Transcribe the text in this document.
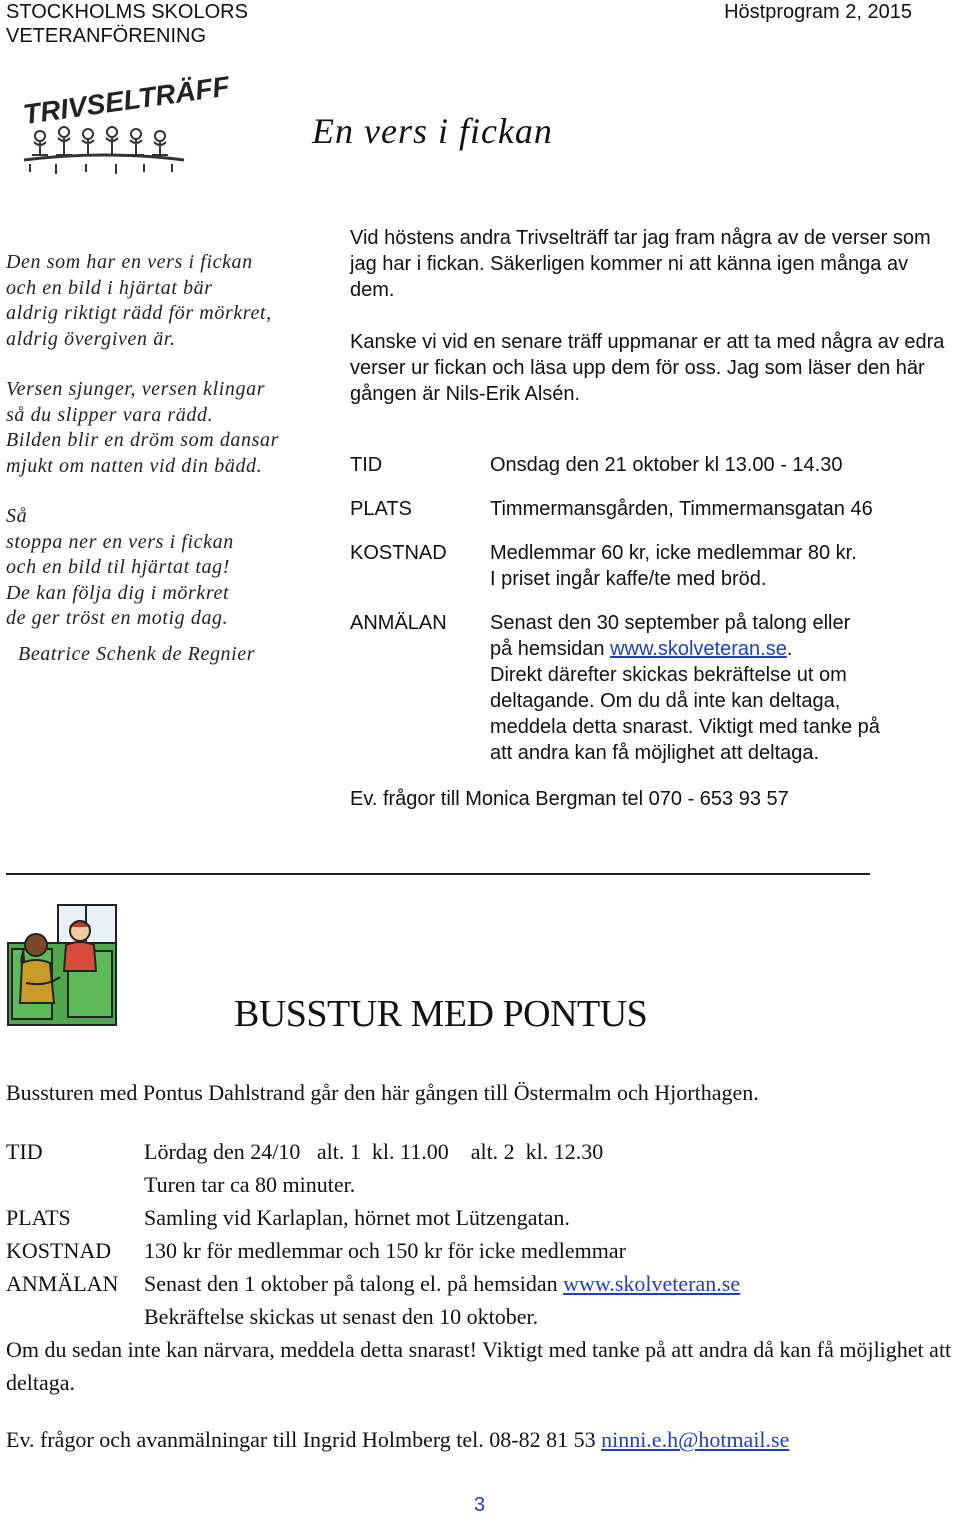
STOCKHOLMS SKOLORS
VETERANFÖRENING
Höstprogram 2, 2015
TRIVSELTRÄFF
En vers i fickan
Den som har en vers i fickan
och en bild i hjärtat bär
aldrig riktigt rädd för mörkret,
aldrig övergiven är.
Versen sjunger, versen klingar
så du slipper vara rädd.
Bilden blir en dröm som dansar
mjukt om natten vid din bädd.
Så
stoppa ner en vers i fickan
och en bild til hjärtat tag!
De kan följa dig i mörkret
de ger tröst en motig dag.
Beatrice Schenk de Regnier

Vid höstens andra Trivselträff tar jag fram några av de verser som jag har i fickan. Säkerligen kommer ni att känna igen många av dem.

Kanske vi vid en senare träff uppmanar er att ta med några av edra verser ur fickan och läsa upp dem för oss. Jag som läser den här gången är Nils-Erik Alsén.

TID	Onsdag den 21 oktober kl 13.00 - 14.30
PLATS	Timmermansgården, Timmermansgatan 46
KOSTNAD	Medlemmar 60 kr, icke medlemmar 80 kr.
I priset ingår kaffe/te med bröd.
ANMÄLAN	Senast den 30 september på talong eller
på hemsidan www.skolveteran.se.
Direkt därefter skickas bekräftelse ut om deltagande. Om du då inte kan deltaga, meddela detta snarast. Viktigt med tanke på att andra kan få möjlighet att deltaga.
Ev. frågor till Monica Bergman tel 070 - 653 93 57
BUSSTUR MED PONTUS
Bussturen med Pontus Dahlstrand går den här gången till Östermalm och Hjorthagen.
TID	Lördag den 24/10   alt. 1  kl. 11.00    alt. 2  kl. 12.30
Turen tar ca 80 minuter.
PLATS	Samling vid Karlaplan, hörnet mot Lützengatan.
KOSTNAD	130 kr för medlemmar och 150 kr för icke medlemmar
ANMÄLAN	Senast den 1 oktober på talong el. på hemsidan www.skolveteran.se
Bekräftelse skickas ut senast den 10 oktober.
Om du sedan inte kan närvara, meddela detta snarast! Viktigt med tanke på att andra då kan få möjlighet att deltaga.
Ev. frågor och avanmälningar till Ingrid Holmberg tel. 08-82 81 53 ninni.e.h@hotmail.se
3
